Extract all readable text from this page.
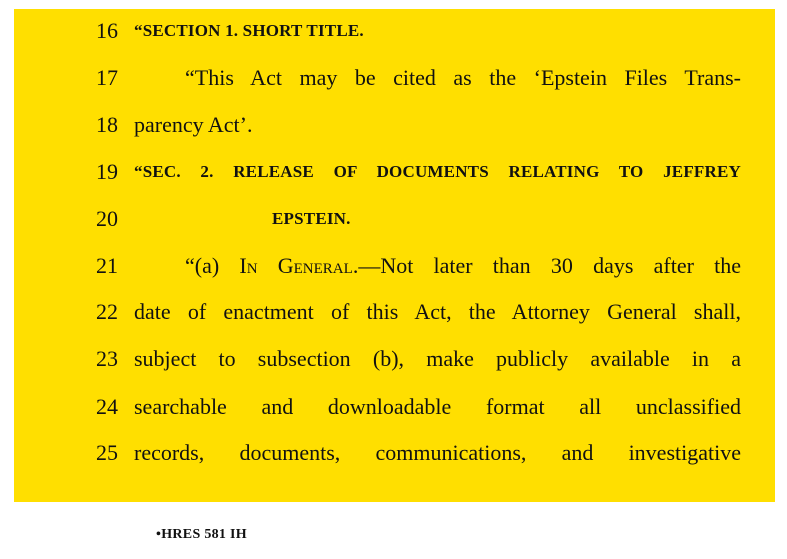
16 “SECTION 1. SHORT TITLE.
17	“This Act may be cited as the ‘Epstein Files Trans-
18 parency Act’.
19 “SEC. 2. RELEASE OF DOCUMENTS RELATING TO JEFFREY
20	EPSTEIN.
21	“(a) In General.—Not later than 30 days after the
22 date of enactment of this Act, the Attorney General shall,
23 subject to subsection (b), make publicly available in a
24 searchable and downloadable format all unclassified
25 records, documents, communications, and investigative
•HRES 581 IH
